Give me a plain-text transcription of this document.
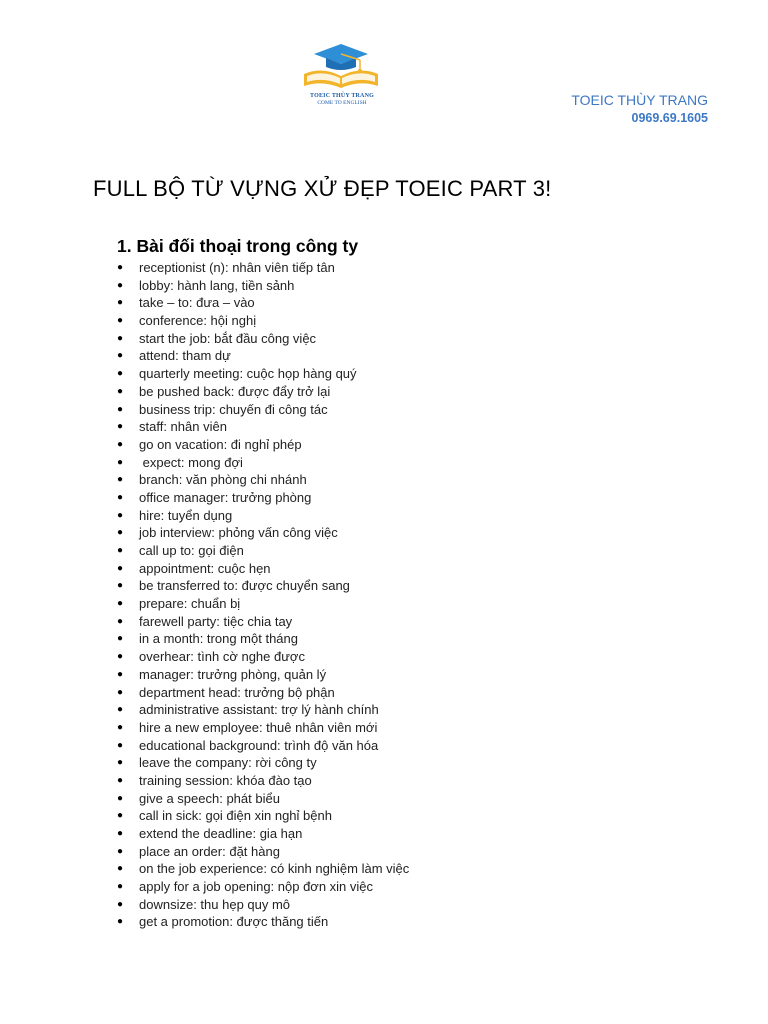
TOEIC THÙY TRANG
COME TO ENGLISH	TOEIC THÙY TRANG
0969.69.1605
FULL BỘ TỪ VỰNG XỬ ĐẸP TOEIC PART 3!
1. Bài đối thoại trong công ty
● receptionist (n): nhân viên tiếp tân
● lobby: hành lang, tiền sảnh
● take – to: đưa – vào
● conference: hội nghị
● start the job: bắt đầu công việc
● attend: tham dự
● quarterly meeting: cuộc họp hàng quý
● be pushed back: được đẩy trở lại
● business trip: chuyến đi công tác
● staff: nhân viên
● go on vacation: đi nghỉ phép
● expect: mong đợi
● branch: văn phòng chi nhánh
● office manager: trưởng phòng
● hire: tuyển dụng
● job interview: phỏng vấn công việc
● call up to: gọi điện
● appointment: cuộc hẹn
● be transferred to: được chuyển sang
● prepare: chuẩn bị
● farewell party: tiệc chia tay
● in a month: trong một tháng
● overhear: tình cờ nghe được
● manager: trưởng phòng, quản lý
● department head: trưởng bộ phận
● administrative assistant: trợ lý hành chính
● hire a new employee: thuê nhân viên mới
● educational background: trình độ văn hóa
● leave the company: rời công ty
● training session: khóa đào tạo
● give a speech: phát biểu
● call in sick: gọi điện xin nghỉ bệnh
● extend the deadline: gia hạn
● place an order: đặt hàng
● on the job experience: có kinh nghiệm làm việc
● apply for a job opening: nộp đơn xin việc
● downsize: thu hẹp quy mô
● get a promotion: được thăng tiến
